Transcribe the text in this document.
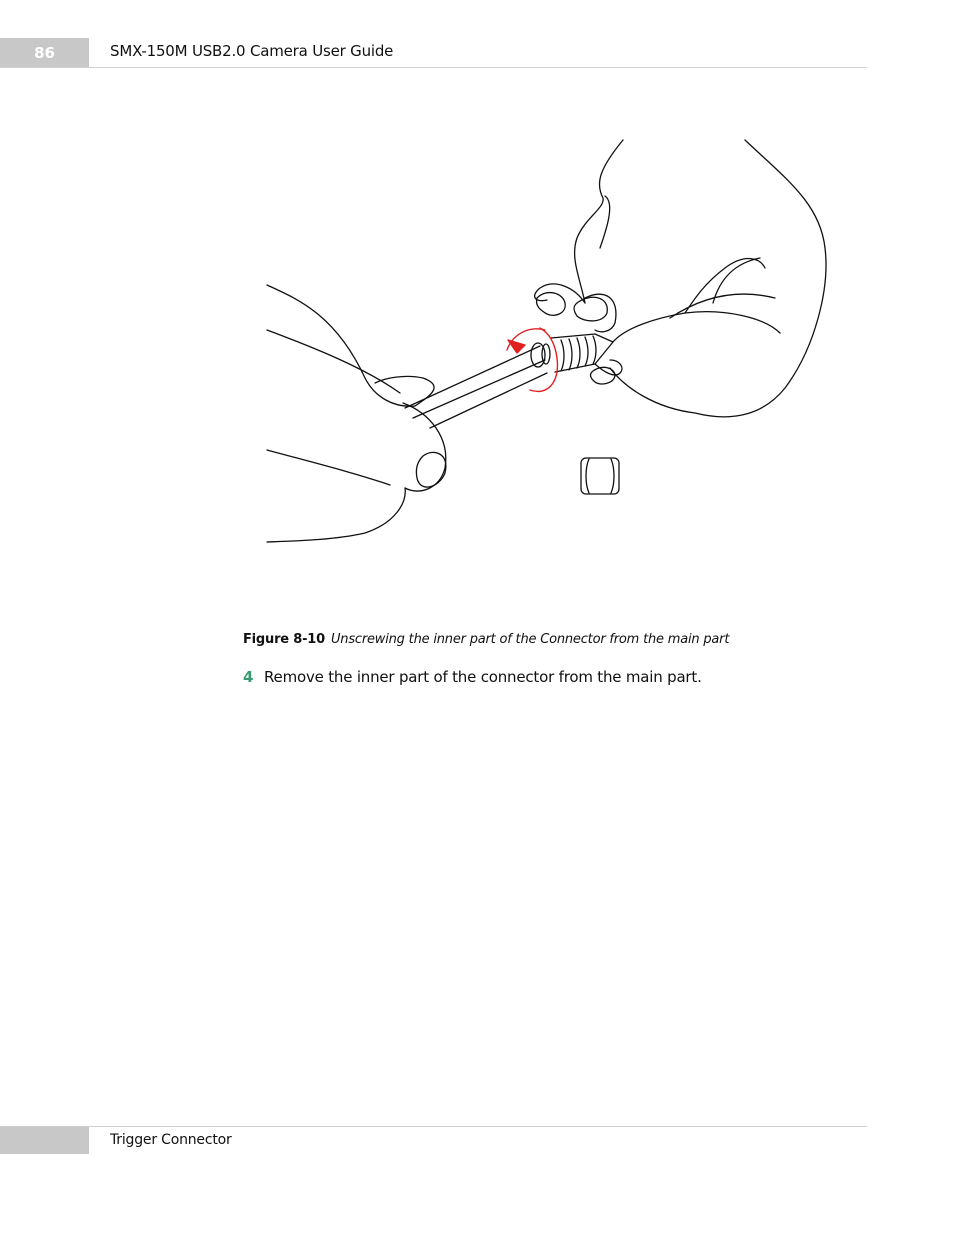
86	SMX-150M USB2.0 Camera User Guide
Figure 8-10 Unscrewing the inner part of the Connector from the main part
4 Remove the inner part of the connector from the main part.
Trigger Connector
